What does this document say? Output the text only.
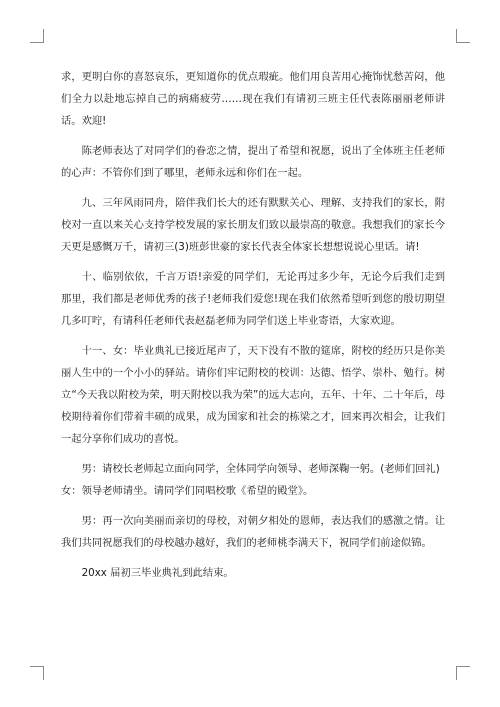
求，更明白你的喜怒哀乐，更知道你的优点瑕疵。他们用良苦用心掩饰忧愁苦闷，他们全力以赴地忘掉自己的病痛疲劳……现在我们有请初三班主任代表陈丽丽老师讲话。欢迎!

陈老师表达了对同学们的眷恋之情，提出了希望和祝愿，说出了全体班主任老师的心声：不管你们到了哪里，老师永远和你们在一起。

九、三年风雨同舟，陪伴我们长大的还有默默关心、理解、支持我们的家长，附校对一直以来关心支持学校发展的家长朋友们致以最崇高的敬意。我想我们的家长今天更是感慨万千，请初三(3)班彭世豪的家长代表全体家长想想说说心里话。请!

十、临别依依，千言万语!亲爱的同学们，无论再过多少年，无论今后我们走到那里，我们都是老师优秀的孩子!老师我们爱您!现在我们依然希望听到您的殷切期望几多叮咛，有请科任老师代表赵磊老师为同学们送上毕业寄语，大家欢迎。

十一、女：毕业典礼已接近尾声了，天下没有不散的筵席，附校的经历只是你美丽人生中的一个小小的驿站。请你们牢记附校的校训：达德、悟学、崇朴、勉行。树立“今天我以附校为荣，明天附校以我为荣”的远大志向，五年、十年、二十年后，母校期待着你们带着丰硕的成果，成为国家和社会的栋梁之才，回来再次相会，让我们一起分享你们成功的喜悦。

男：请校长老师起立面向同学，全体同学向领导、老师深鞠一躬。(老师们回礼)

女：领导老师请坐。请同学们同唱校歌《希望的殿堂》。

男：再一次向美丽而亲切的母校，对朝夕相处的恩师，表达我们的感激之情。让我们共同祝愿我们的母校越办越好，我们的老师桃李满天下，祝同学们前途似锦。

20xx 届初三毕业典礼到此结束。
